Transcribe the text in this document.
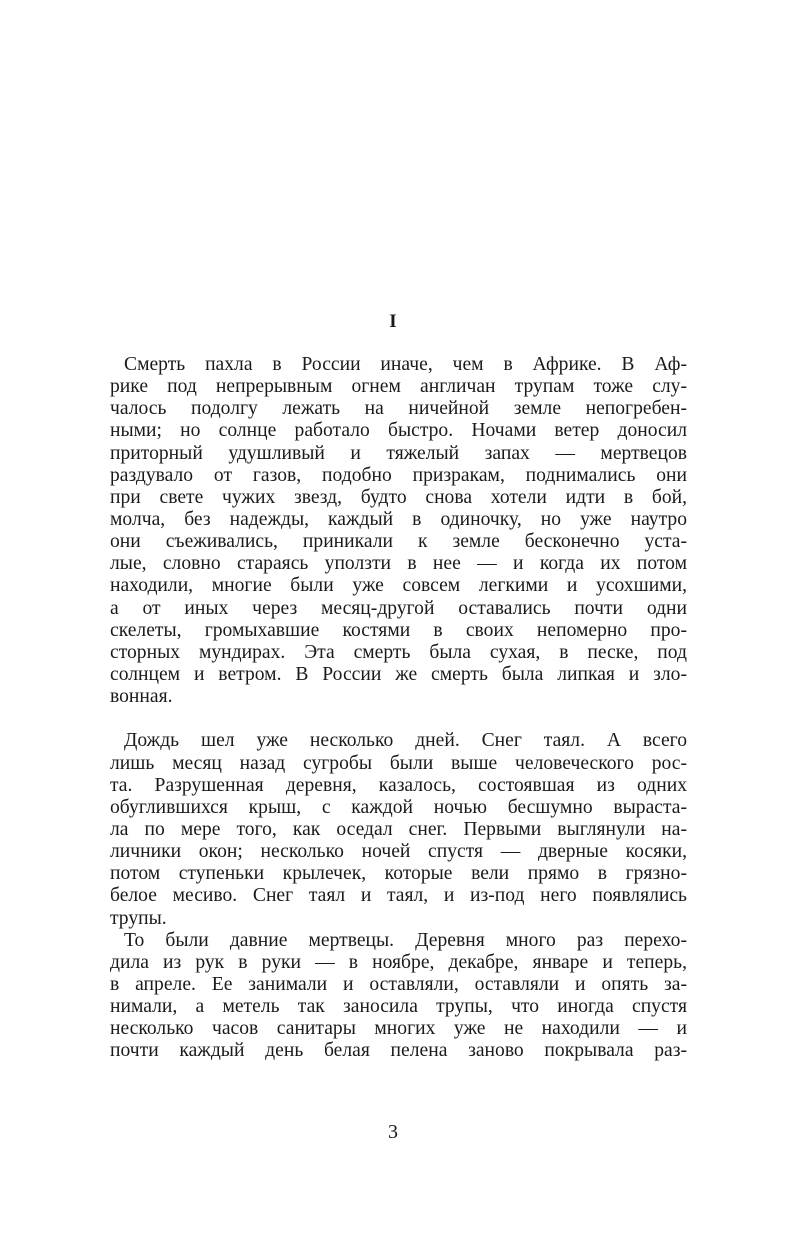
I
Смерть пахла в России иначе, чем в Африке. В Аф-
рике под непрерывным огнем англичан трупам тоже слу-
чалось подолгу лежать на ничейной земле непогребен-
ными; но солнце работало быстро. Ночами ветер доносил
приторный удушливый и тяжелый запах — мертвецов
раздувало от газов, подобно призракам, поднимались они
при свете чужих звезд, будто снова хотели идти в бой,
молча, без надежды, каждый в одиночку, но уже наутро
они съеживались, приникали к земле бесконечно уста-
лые, словно стараясь уползти в нее — и когда их потом
находили, многие были уже совсем легкими и усохшими,
а от иных через месяц-другой оставались почти одни
скелеты, громыхавшие костями в своих непомерно про-
сторных мундирах. Эта смерть была сухая, в песке, под
солнцем и ветром. В России же смерть была липкая и зло-
вонная.
Дождь шел уже несколько дней. Снег таял. А всего
лишь месяц назад сугробы были выше человеческого рос-
та. Разрушенная деревня, казалось, состоявшая из одних
обуглившихся крыш, с каждой ночью бесшумно выраста-
ла по мере того, как оседал снег. Первыми выглянули на-
личники окон; несколько ночей спустя — дверные косяки,
потом ступеньки крылечек, которые вели прямо в грязно-
белое месиво. Снег таял и таял, и из-под него появлялись
трупы.
То были давние мертвецы. Деревня много раз перехо-
дила из рук в руки — в ноябре, декабре, январе и теперь,
в апреле. Ее занимали и оставляли, оставляли и опять за-
нимали, а метель так заносила трупы, что иногда спустя
несколько часов санитары многих уже не находили — и
почти каждый день белая пелена заново покрывала раз-
3
